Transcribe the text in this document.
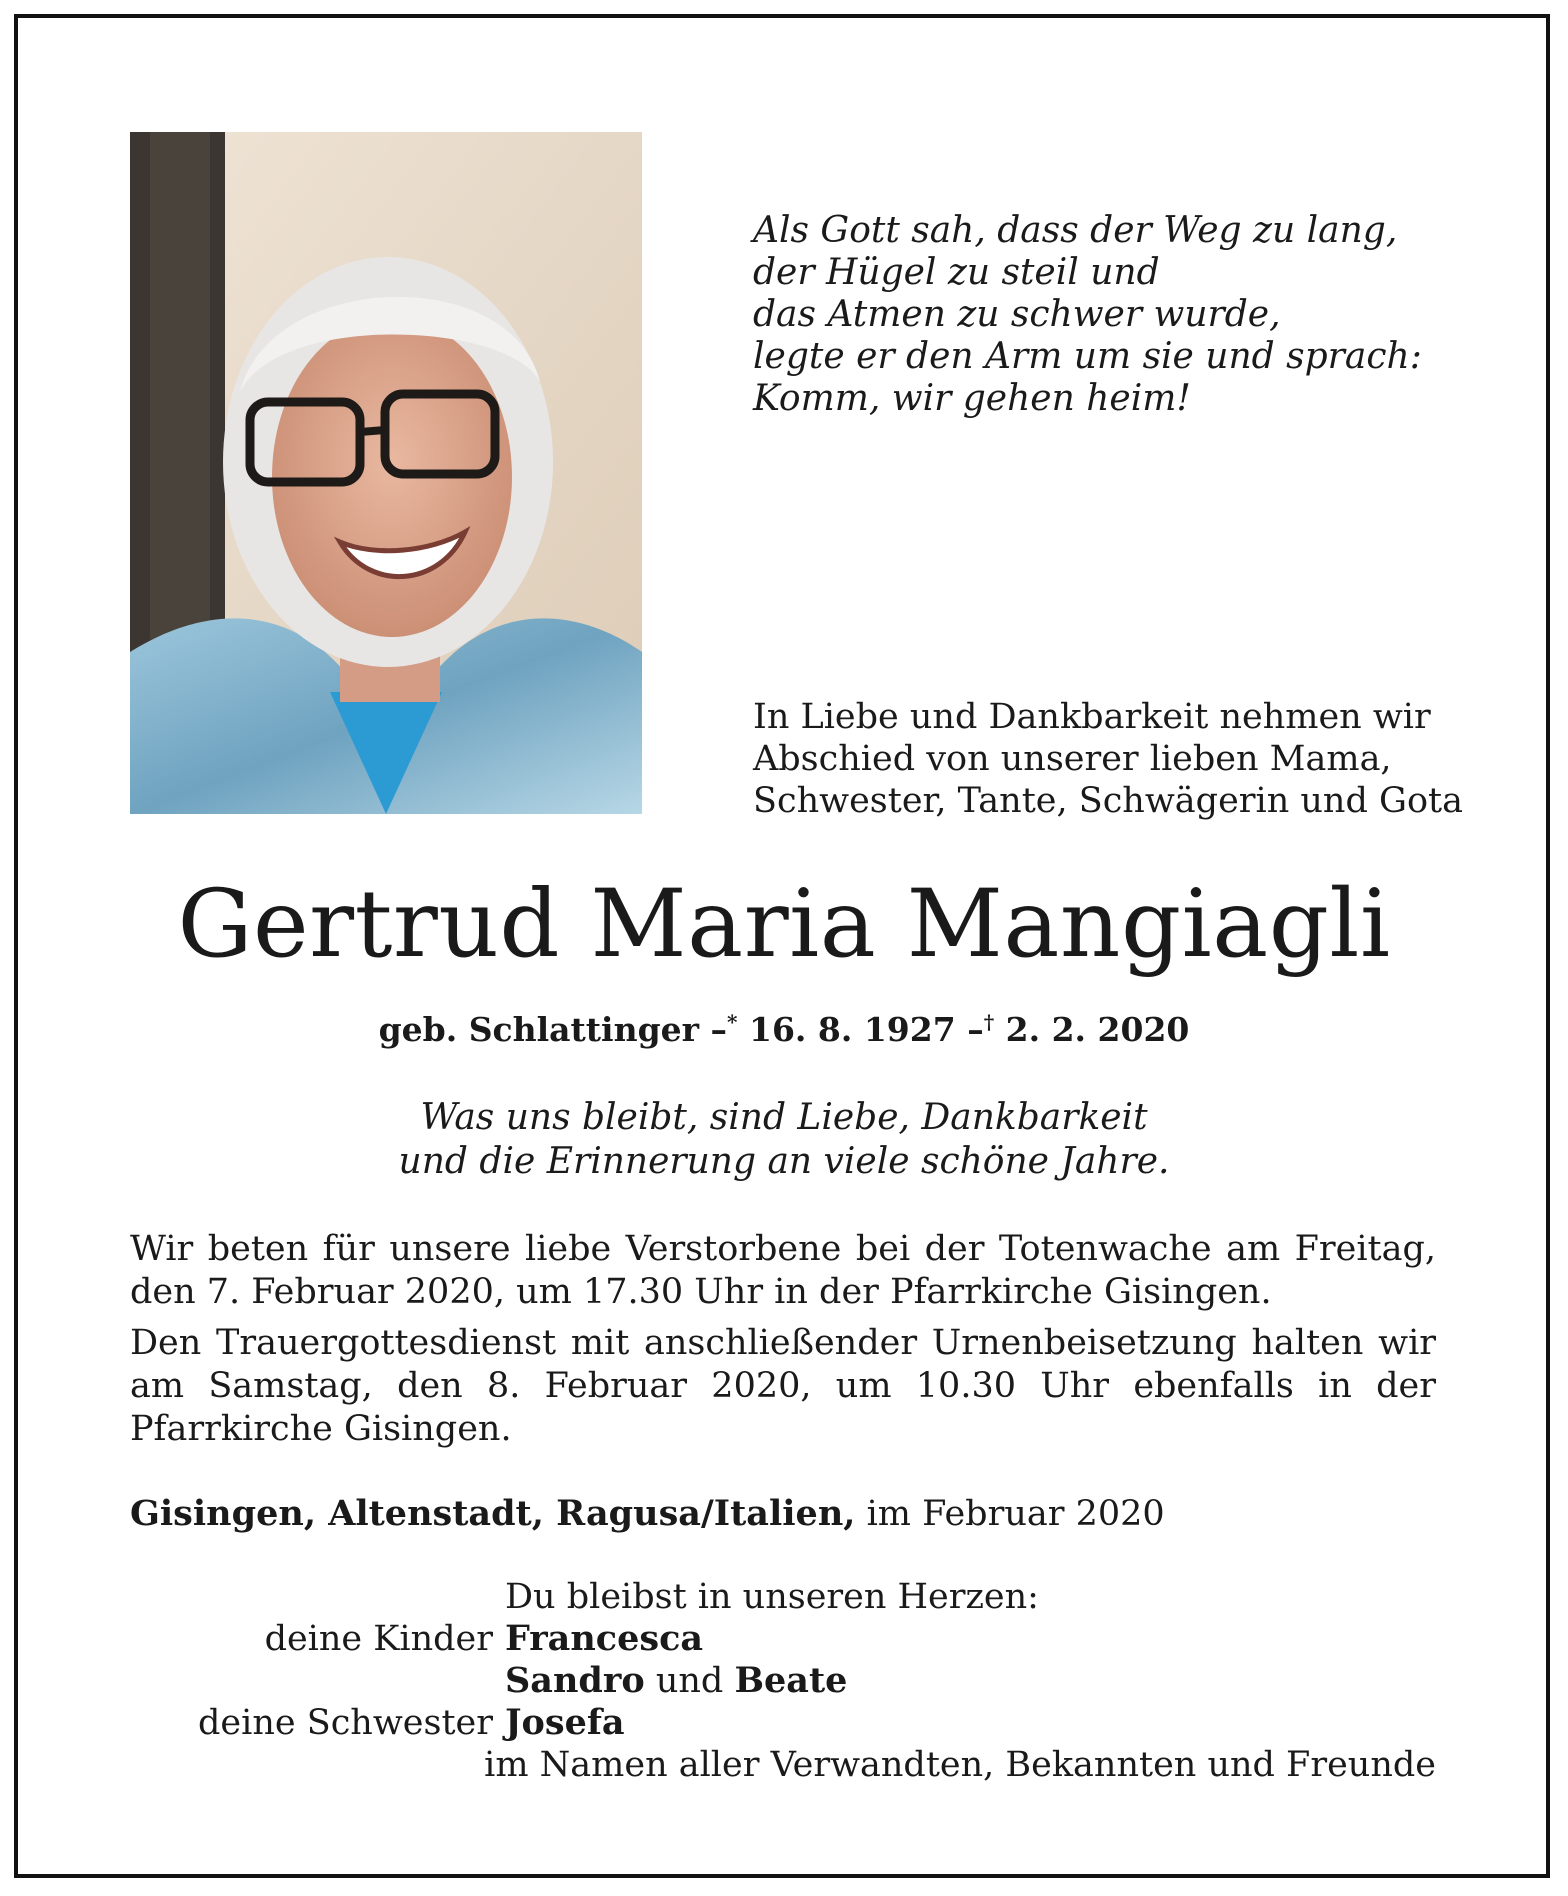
Als Gott sah, dass der Weg zu lang,
der Hügel zu steil und
das Atmen zu schwer wurde,
legte er den Arm um sie und sprach:
Komm, wir gehen heim!
In Liebe und Dankbarkeit nehmen wir
Abschied von unserer lieben Mama,
Schwester, Tante, Schwägerin und Gota
Gertrud Maria Mangiagli
geb. Schlattinger –* 16. 8. 1927 –† 2. 2. 2020
Was uns bleibt, sind Liebe, Dankbarkeit
und die Erinnerung an viele schöne Jahre.

Wir beten für unsere liebe Verstorbene bei der Totenwache am Freitag, den 7. Februar 2020, um 17.30 Uhr in der Pfarrkirche Gisingen.

Den Trauergottesdienst mit anschließender Urnenbeisetzung halten wir am Samstag, den 8. Februar 2020, um 10.30 Uhr ebenfalls in der Pfarrkirche Gisingen.

Gisingen, Altenstadt, Ragusa/Italien, im Februar 2020
Du bleibst in unseren Herzen:
deine Kinder Francesca
Sandro und Beate
deine Schwester Josefa
im Namen aller Verwandten, Bekannten und Freunde
